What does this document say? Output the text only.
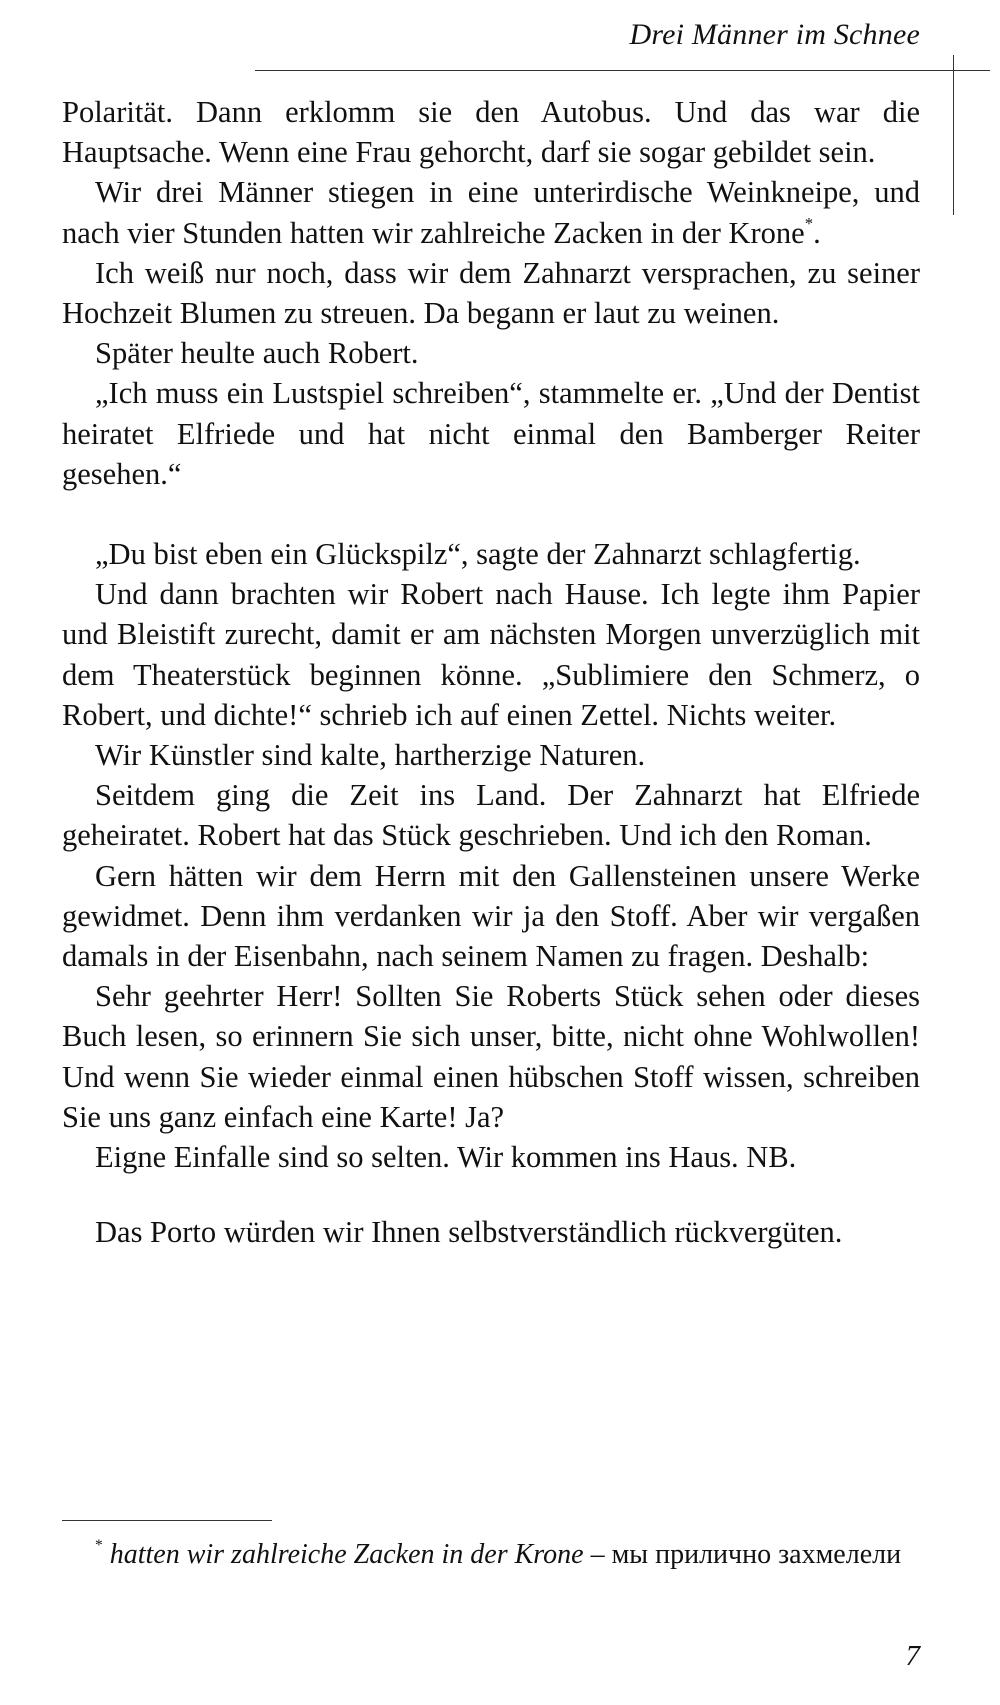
Drei Männer im Schnee

Polarität. Dann erklomm sie den Autobus. Und das war die Hauptsache. Wenn eine Frau gehorcht, darf sie sogar gebildet sein.

Wir drei Männer stiegen in eine unterirdische Weinkneipe, und nach vier Stunden hatten wir zahlreiche Zacken in der Krone*.

Ich weiß nur noch, dass wir dem Zahnarzt versprachen, zu seiner Hochzeit Blumen zu streuen. Da begann er laut zu weinen.

Später heulte auch Robert.

„Ich muss ein Lustspiel schreiben“, stammelte er. „Und der Dentist heiratet Elfriede und hat nicht einmal den Bamberger Reiter gesehen.“

„Du bist eben ein Glückspilz“, sagte der Zahnarzt schlagfertig.

Und dann brachten wir Robert nach Hause. Ich legte ihm Papier und Bleistift zurecht, damit er am nächsten Morgen unverzüglich mit dem Theaterstück beginnen könne. „Sublimiere den Schmerz, o Robert, und dichte!“ schrieb ich auf einen Zettel. Nichts weiter.

Wir Künstler sind kalte, hartherzige Naturen.

Seitdem ging die Zeit ins Land. Der Zahnarzt hat Elfriede geheiratet. Robert hat das Stück geschrieben. Und ich den Roman.

Gern hätten wir dem Herrn mit den Gallensteinen unsere Werke gewidmet. Denn ihm verdanken wir ja den Stoff. Aber wir vergaßen damals in der Eisenbahn, nach seinem Namen zu fragen. Deshalb:

Sehr geehrter Herr! Sollten Sie Roberts Stück sehen oder dieses Buch lesen, so erinnern Sie sich unser, bitte, nicht ohne Wohlwollen! Und wenn Sie wieder einmal einen hübschen Stoff wissen, schreiben Sie uns ganz einfach eine Karte! Ja?

Eigne Einfalle sind so selten. Wir kommen ins Haus. NB.

Das Porto würden wir Ihnen selbstverständlich rückvergüten.

* hatten wir zahlreiche Zacken in der Krone – мы прилично захмелели
7
